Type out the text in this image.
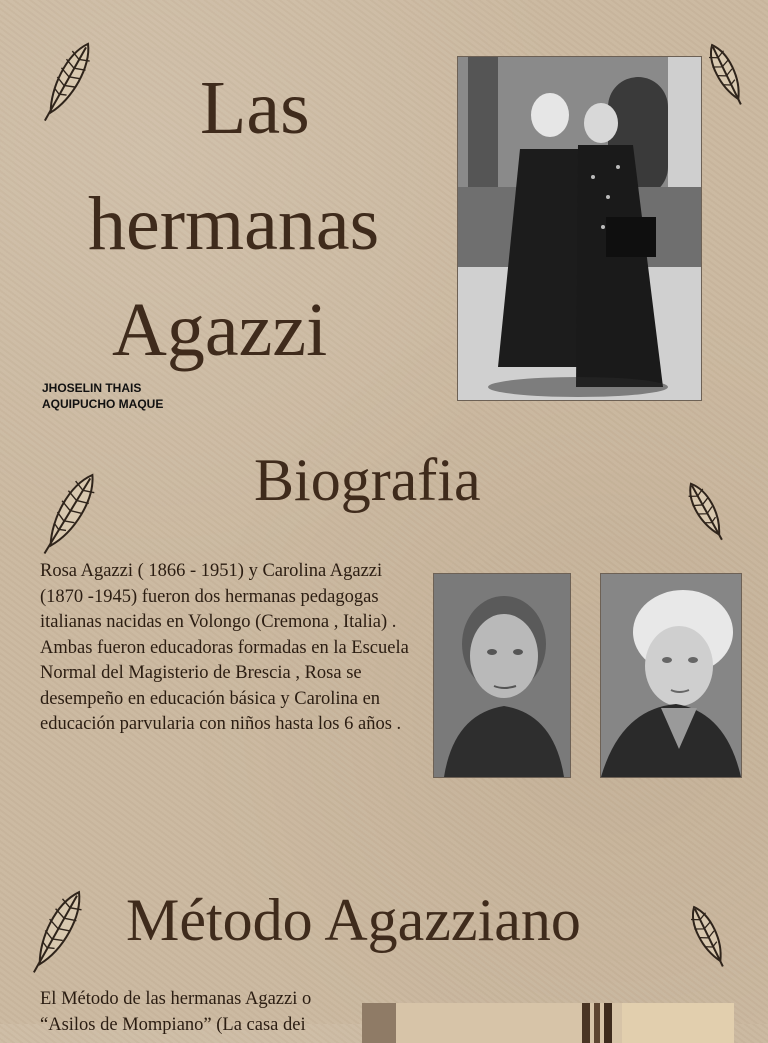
Las
hermanas
Agazzi
JHOSELIN THAIS
AQUIPUCHO MAQUE
Biografia
Rosa Agazzi ( 1866 - 1951) y Carolina Agazzi (1870 -1945) fueron dos hermanas pedagogas italianas nacidas en Volongo (Cremona , Italia) . Ambas fueron educadoras formadas en la Escuela Normal del Magisterio de Brescia , Rosa se desempeño en educación básica y Carolina en educación parvularia con niños hasta los 6 años .
Método Agazziano
El Método de las hermanas Agazzi o “Asilos de Mompiano” (La casa dei
